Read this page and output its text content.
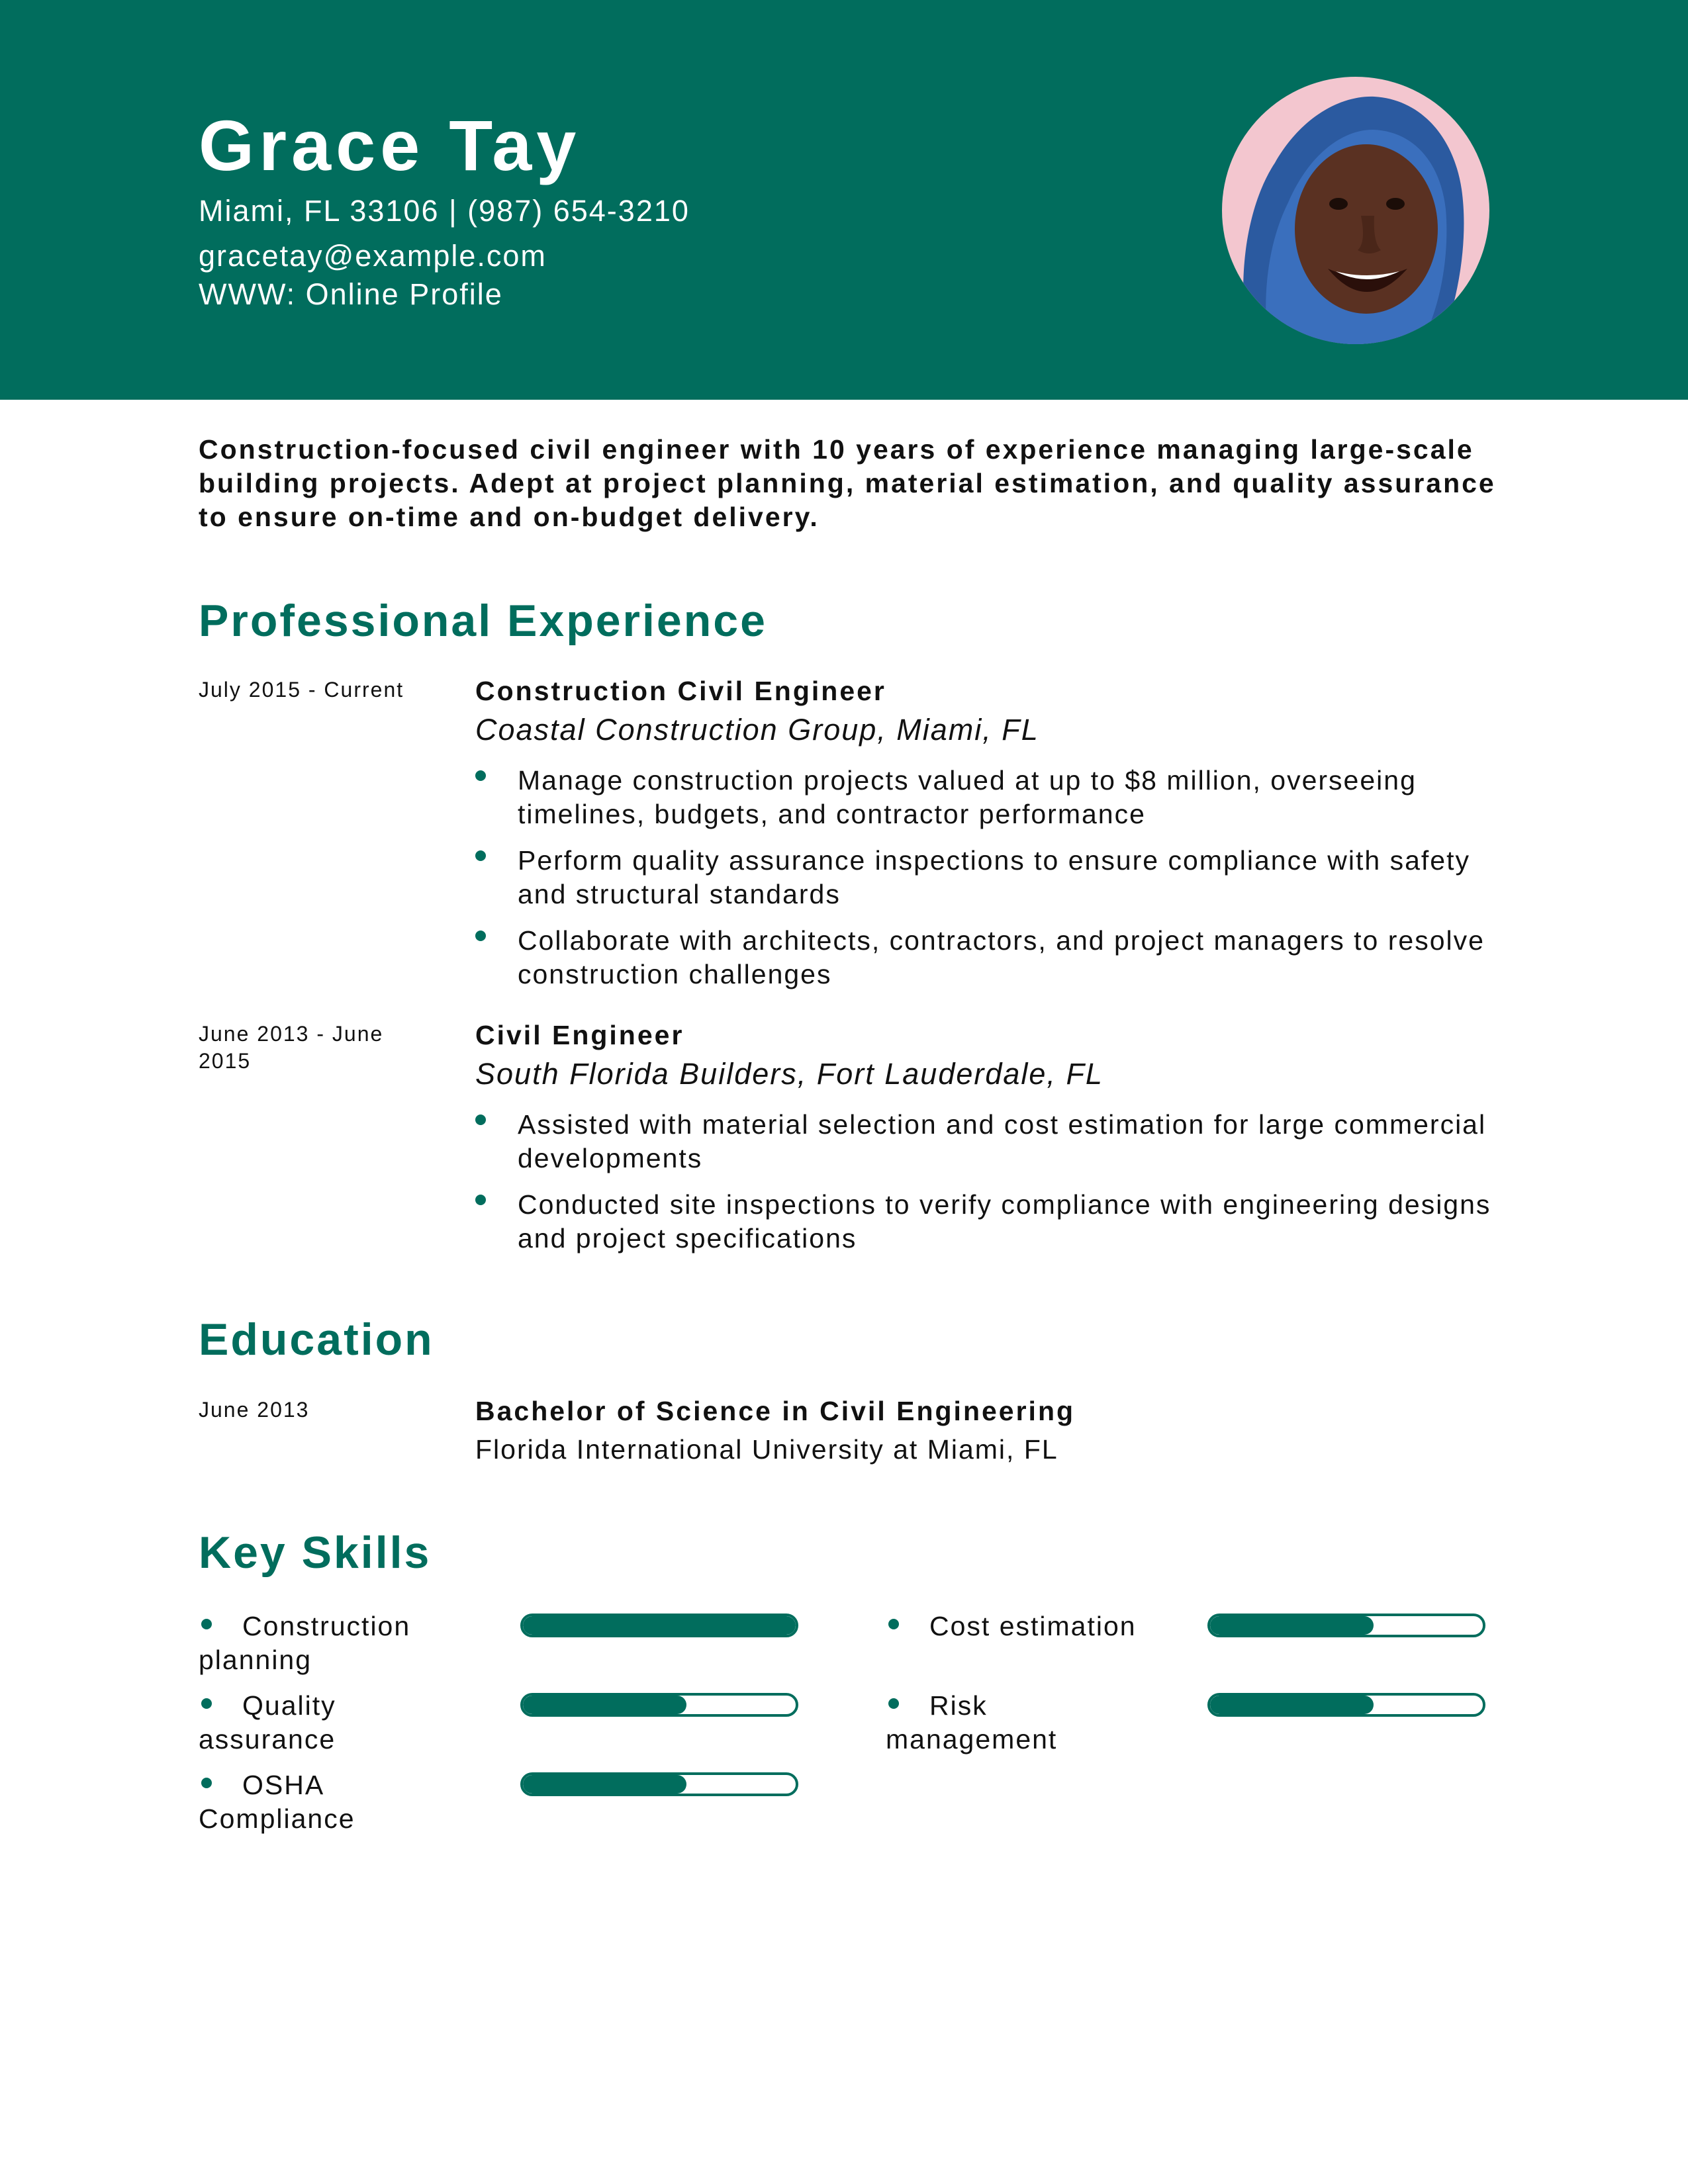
Grace Tay
Miami, FL 33106 | (987) 654-3210
gracetay@example.com
WWW: Online Profile
Construction-focused civil engineer with 10 years of experience managing large-scale building projects. Adept at project planning, material estimation, and quality assurance to ensure on-time and on-budget delivery.
Professional Experience
July 2015 - Current	Construction Civil Engineer
Coastal Construction Group, Miami, FL
Manage construction projects valued at up to $8 million, overseeing timelines, budgets, and contractor performance
Perform quality assurance inspections to ensure compliance with safety and structural standards
Collaborate with architects, contractors, and project managers to resolve construction challenges
June 2013 - June 2015
Civil Engineer
South Florida Builders, Fort Lauderdale, FL
Assisted with material selection and cost estimation for large commercial developments
Conducted site inspections to verify compliance with engineering designs and project specifications
Education
June 2013	Bachelor of Science in Civil Engineering
Florida International University at Miami, FL
Key Skills
Construction planning
Cost estimation
Quality assurance
Risk management
OSHA Compliance
